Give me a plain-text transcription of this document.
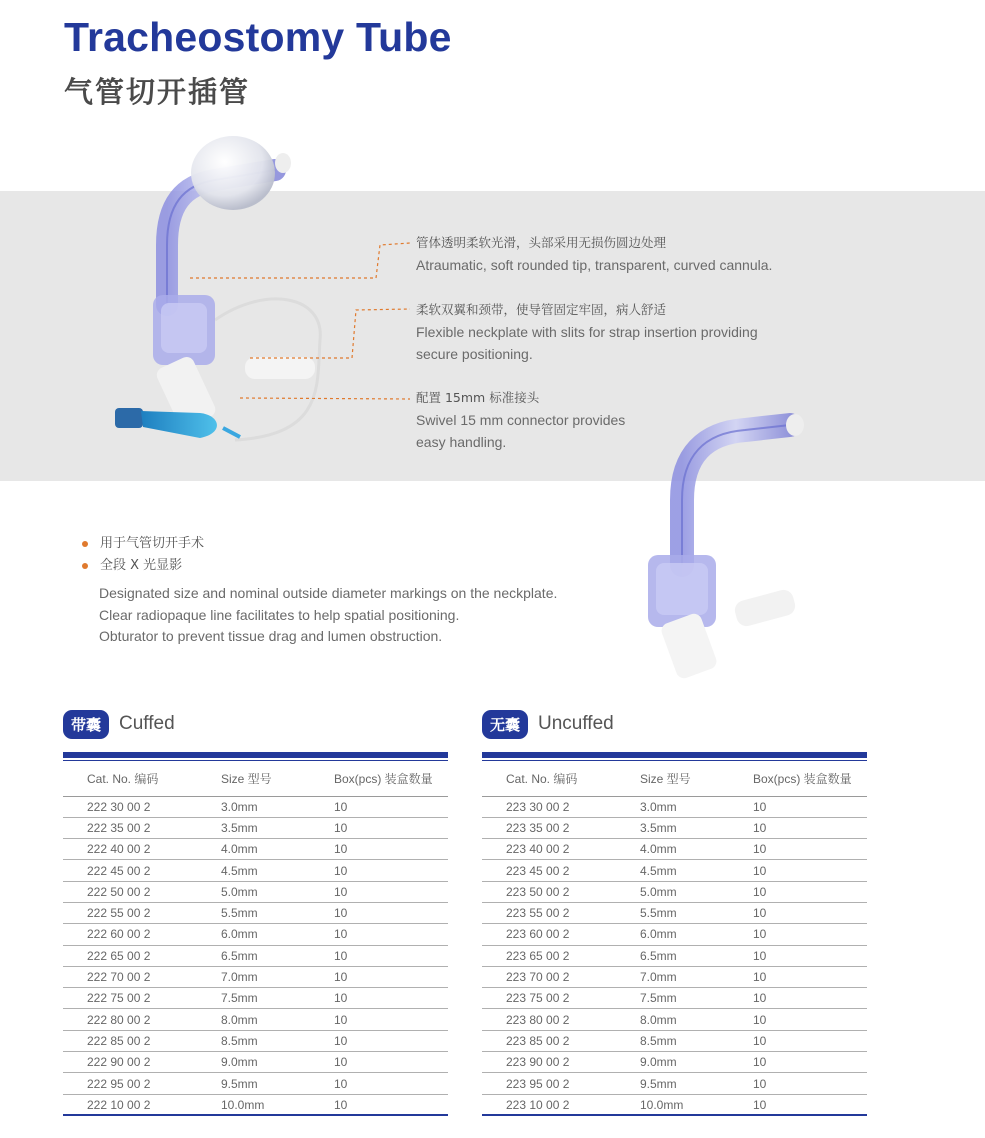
Tracheostomy Tube
气管切开插管
管体透明柔软光滑，头部采用无损伤圆边处理
Atraumatic, soft rounded tip, transparent, curved cannula.
柔软双翼和颈带，使导管固定牢固，病人舒适
Flexible neckplate with slits for strap insertion providing
secure positioning.
配置 15mm 标准接头
Swivel 15 mm connector provides
easy handling.
用于气管切开手术
全段 X 光显影
Designated size and nominal outside diameter markings on the neckplate.
Clear radiopaque line facilitates to help spatial positioning.
Obturator to prevent tissue drag and lumen obstruction.
带囊 Cuffed
Cat. No. 编码	Size 型号	Box(pcs) 装盒数量
222 30 00 2	3.0mm	10
222 35 00 2	3.5mm	10
222 40 00 2	4.0mm	10
222 45 00 2	4.5mm	10
222 50 00 2	5.0mm	10
222 55 00 2	5.5mm	10
222 60 00 2	6.0mm	10
222 65 00 2	6.5mm	10
222 70 00 2	7.0mm	10
222 75 00 2	7.5mm	10
222 80 00 2	8.0mm	10
222 85 00 2	8.5mm	10
222 90 00 2	9.0mm	10
222 95 00 2	9.5mm	10
222 10 00 2	10.0mm	10
无囊 Uncuffed
Cat. No. 编码	Size 型号	Box(pcs) 装盒数量
223 30 00 2	3.0mm	10
223 35 00 2	3.5mm	10
223 40 00 2	4.0mm	10
223 45 00 2	4.5mm	10
223 50 00 2	5.0mm	10
223 55 00 2	5.5mm	10
223 60 00 2	6.0mm	10
223 65 00 2	6.5mm	10
223 70 00 2	7.0mm	10
223 75 00 2	7.5mm	10
223 80 00 2	8.0mm	10
223 85 00 2	8.5mm	10
223 90 00 2	9.0mm	10
223 95 00 2	9.5mm	10
223 10 00 2	10.0mm	10
